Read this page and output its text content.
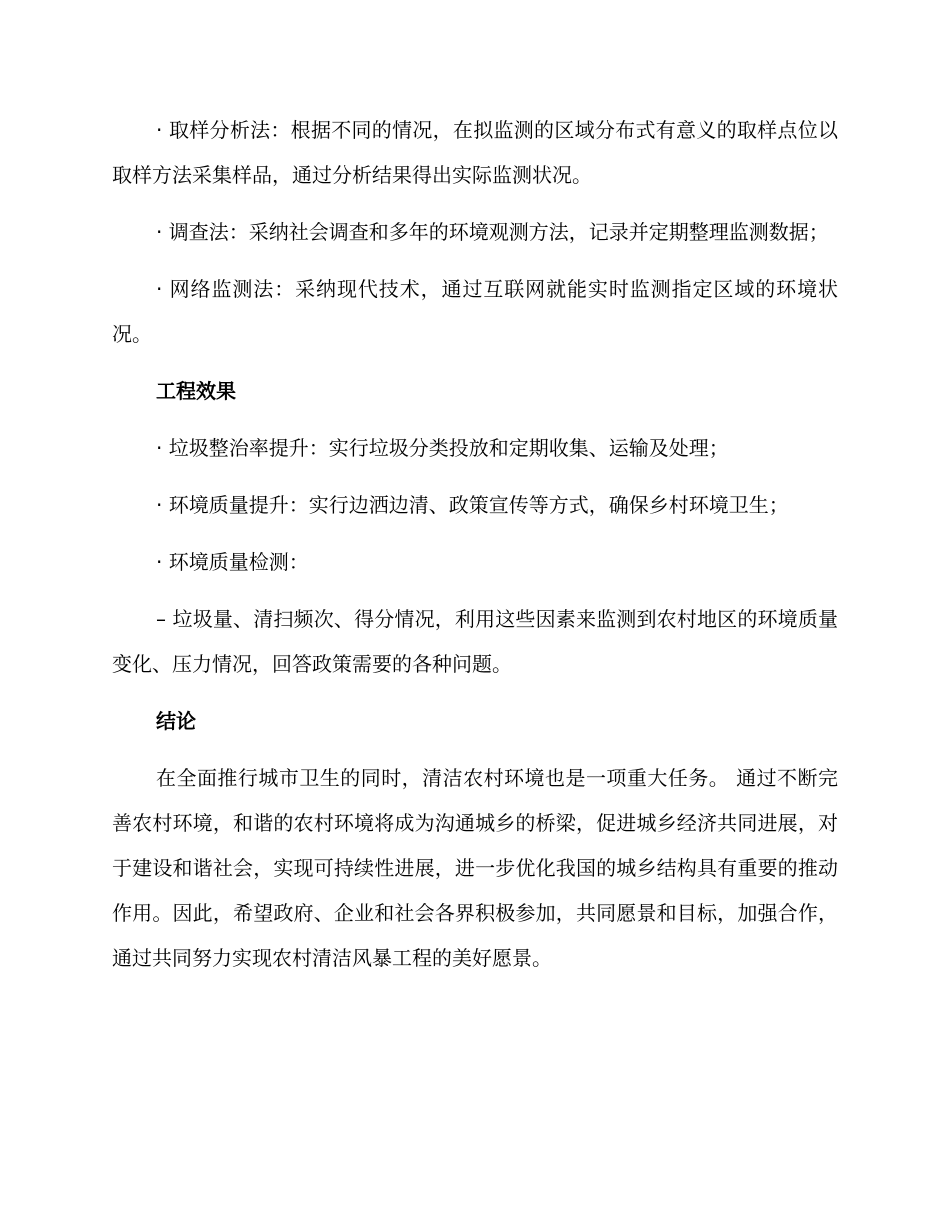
· 取样分析法：根据不同的情况，在拟监测的区域分布式有意义的取样点位以取样方法采集样品，通过分析结果得出实际监测状况。

· 调查法：采纳社会调查和多年的环境观测方法，记录并定期整理监测数据；

· 网络监测法：采纳现代技术，通过互联网就能实时监测指定区域的环境状况。

工程效果

· 垃圾整治率提升：实行垃圾分类投放和定期收集、运输及处理；

· 环境质量提升：实行边洒边清、政策宣传等方式，确保乡村环境卫生；

· 环境质量检测：

– 垃圾量、清扫频次、得分情况，利用这些因素来监测到农村地区的环境质量变化、压力情况，回答政策需要的各种问题。

结论

在全面推行城市卫生的同时，清洁农村环境也是一项重大任务。 通过不断完善农村环境，和谐的农村环境将成为沟通城乡的桥梁，促进城乡经济共同进展，对于建设和谐社会，实现可持续性进展，进一步优化我国的城乡结构具有重要的推动作用。因此，希望政府、企业和社会各界积极参加，共同愿景和目标，加强合作，通过共同努力实现农村清洁风暴工程的美好愿景。
